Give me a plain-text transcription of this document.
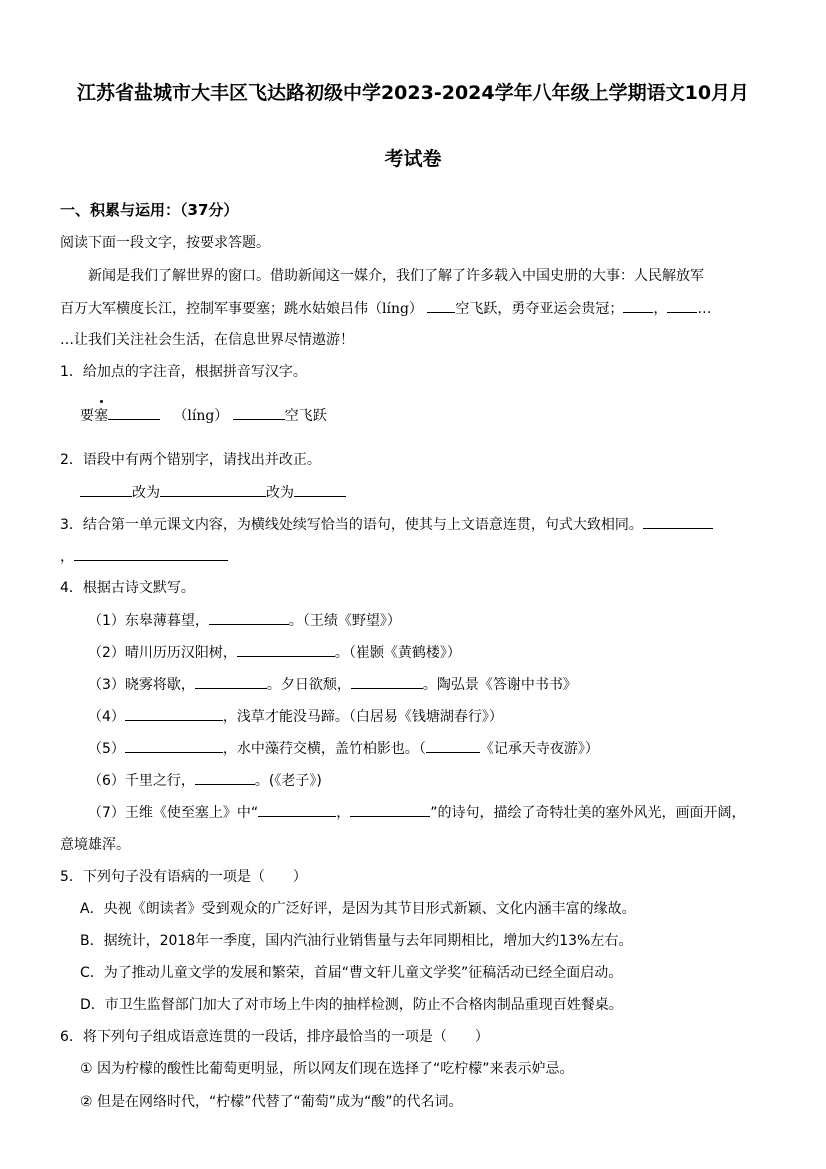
江苏省盐城市大丰区飞达路初级中学2023-2024学年八年级上学期语文10月月
考试卷
一、积累与运用：（37分）
阅读下面一段文字，按要求答题。
新闻是我们了解世界的窗口。借助新闻这一媒介，我们了解了许多载入中国史册的大事：人民解放军
百万大军横度长江，控制军事要塞；跳水姑娘吕伟（líng） 空飞跃，勇夺亚运会贵冠； ， …
…让我们关注社会生活，在信息世界尽情遨游！
1．给加点的字注音，根据拼音写汉字。
要塞	（líng）	空飞跃
2．语段中有两个错别字，请找出并改正。
改为	改为
3．结合第一单元课文内容，为横线处续写恰当的语句，使其与上文语意连贯，句式大致相同。
，
4．根据古诗文默写。
（1）东皋薄暮望，	。（王绩《野望》）
（2）晴川历历汉阳树，	。（崔颢《黄鹤楼》）
（3）晓雾将歇，	。夕日欲颓，	。陶弘景《答谢中书书》
（4）	，浅草才能没马蹄。（白居易《钱塘湖春行》）
（5）	，水中藻荇交横，盖竹柏影也。（	《记承天寺夜游》）
（6）千里之行，	。(《老子》)
（7）王维《使至塞上》中“	，	”的诗句，描绘了奇特壮美的塞外风光，画面开阔，
意境雄浑。
5．下列句子没有语病的一项是（　　）
A．央视《朗读者》受到观众的广泛好评，是因为其节目形式新颖、文化内涵丰富的缘故。
B．据统计，2018年一季度，国内汽油行业销售量与去年同期相比，增加大约13%左右。
C．为了推动儿童文学的发展和繁荣，首届“曹文轩儿童文学奖”征稿活动已经全面启动。
D．市卫生监督部门加大了对市场上牛肉的抽样检测，防止不合格肉制品重现百姓餐桌。
6．将下列句子组成语意连贯的一段话，排序最恰当的一项是（　　）
① 因为柠檬的酸性比葡萄更明显，所以网友们现在选择了“吃柠檬”来表示妒忌。
② 但是在网络时代，“柠檬”代替了“葡萄”成为“酸”的代名词。
